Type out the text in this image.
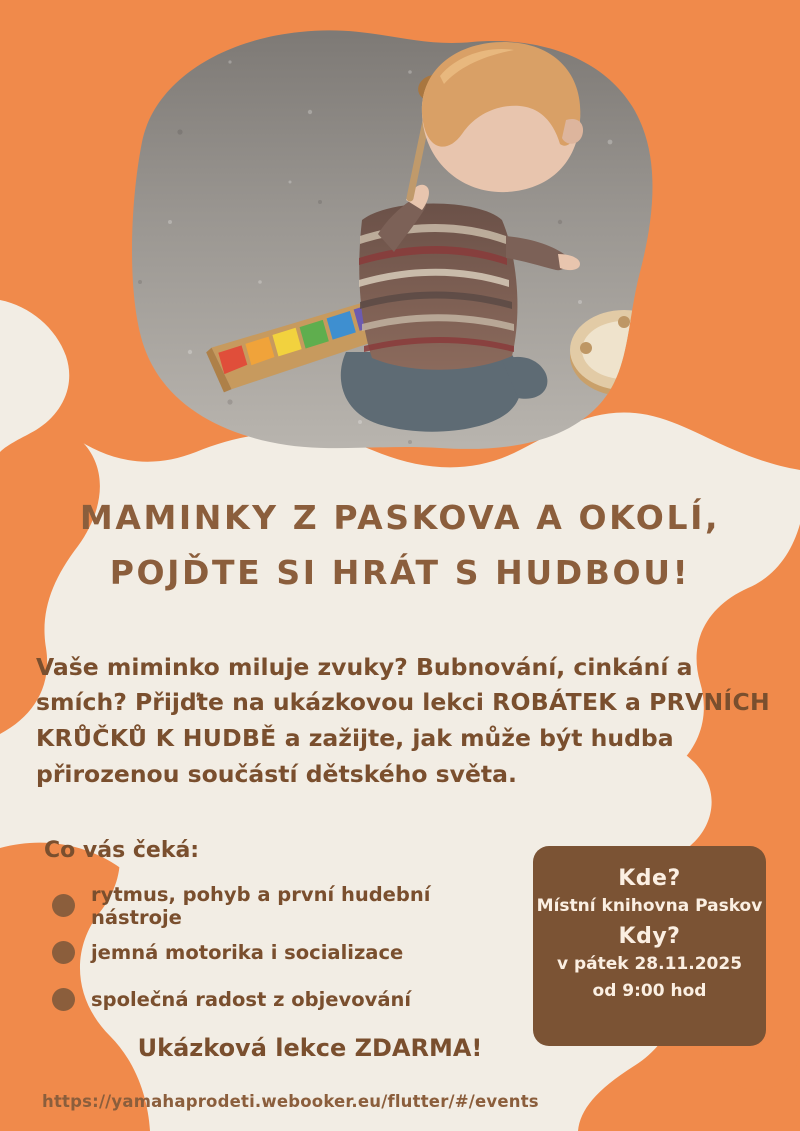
MAMINKY Z PASKOVA A OKOLÍ,
POJĎTE SI HRÁT S HUDBOU!

Vaše miminko miluje zvuky? Bubnování, cinkání a smích? Přijďte na ukázkovou lekci ROBÁTEK a PRVNÍCH KRŮČKŮ K HUDBĚ a zažijte, jak může být hudba přirozenou součástí dětského světa.

Co vás čeká:
rytmus, pohyb a první hudební nástroje
jemná motorika i socializace
společná radost z objevování
Ukázková lekce ZDARMA!
Kde?
Místní knihovna Paskov
Kdy?
v pátek 28.11.2025
od 9:00 hod
https://yamahaprodeti.webooker.eu/flutter/#/events
